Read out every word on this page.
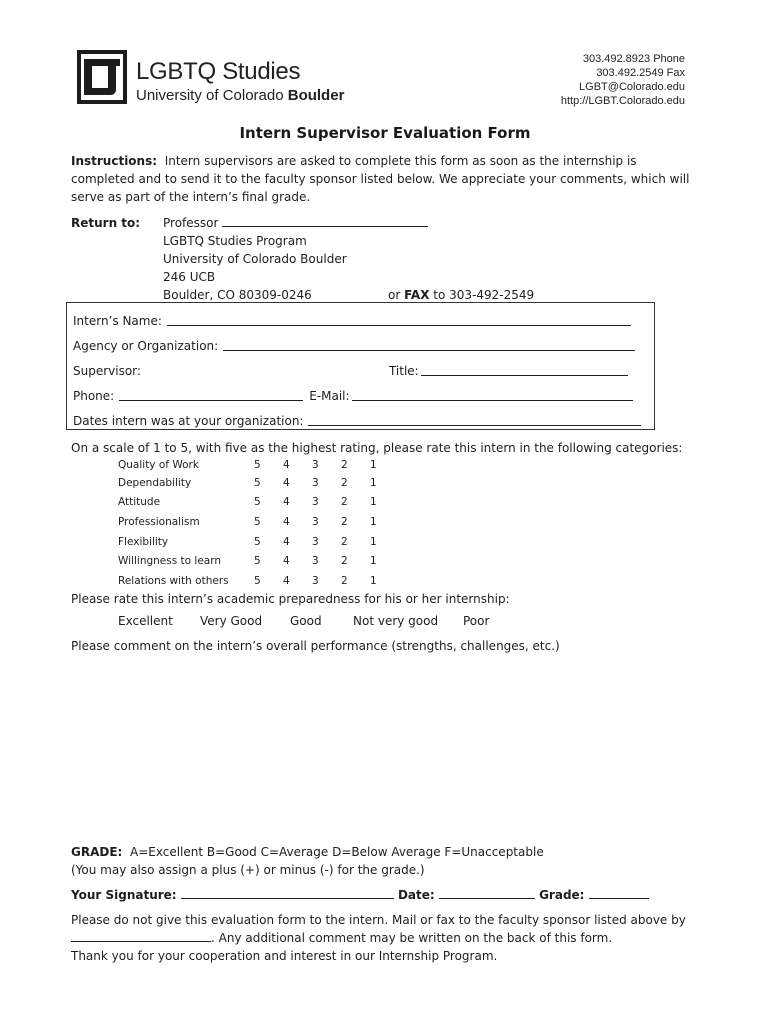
LGBTQ Studies
University of Colorado Boulder
303.492.8923 Phone
303.492.2549 Fax
LGBT@Colorado.edu
http://LGBT.Colorado.edu
Intern Supervisor Evaluation Form
Instructions: Intern supervisors are asked to complete this form as soon as the internship is completed and to send it to the faculty sponsor listed below. We appreciate your comments, which will serve as part of the intern’s final grade.
Return to: Professor
LGBTQ Studies Program
University of Colorado Boulder
246 UCB
Boulder, CO 80309-0246	or FAX to 303-492-2549
Intern’s Name:
Agency or Organization:
Supervisor:	Title:
Phone:	E-Mail:
Dates intern was at your organization:
On a scale of 1 to 5, with five as the highest rating, please rate this intern in the following categories:
Quality of Work	5	4	3	2	1
Dependability	5	4	3	2	1
Attitude	5	4	3	2	1
Professionalism	5	4	3	2	1
Flexibility	5	4	3	2	1
Willingness to learn	5	4	3	2	1
Relations with others	5	4	3	2	1
Please rate this intern’s academic preparedness for his or her internship:
Excellent	Very Good	Good	Not very good	Poor
Please comment on the intern’s overall performance (strengths, challenges, etc.)
GRADE: A=Excellent B=Good C=Average D=Below Average F=Unacceptable
(You may also assign a plus (+) or minus (-) for the grade.)
Your Signature:	Date:	Grade:
Please do not give this evaluation form to the intern. Mail or fax to the faculty sponsor listed above by
. Any additional comment may be written on the back of this form.
Thank you for your cooperation and interest in our Internship Program.
